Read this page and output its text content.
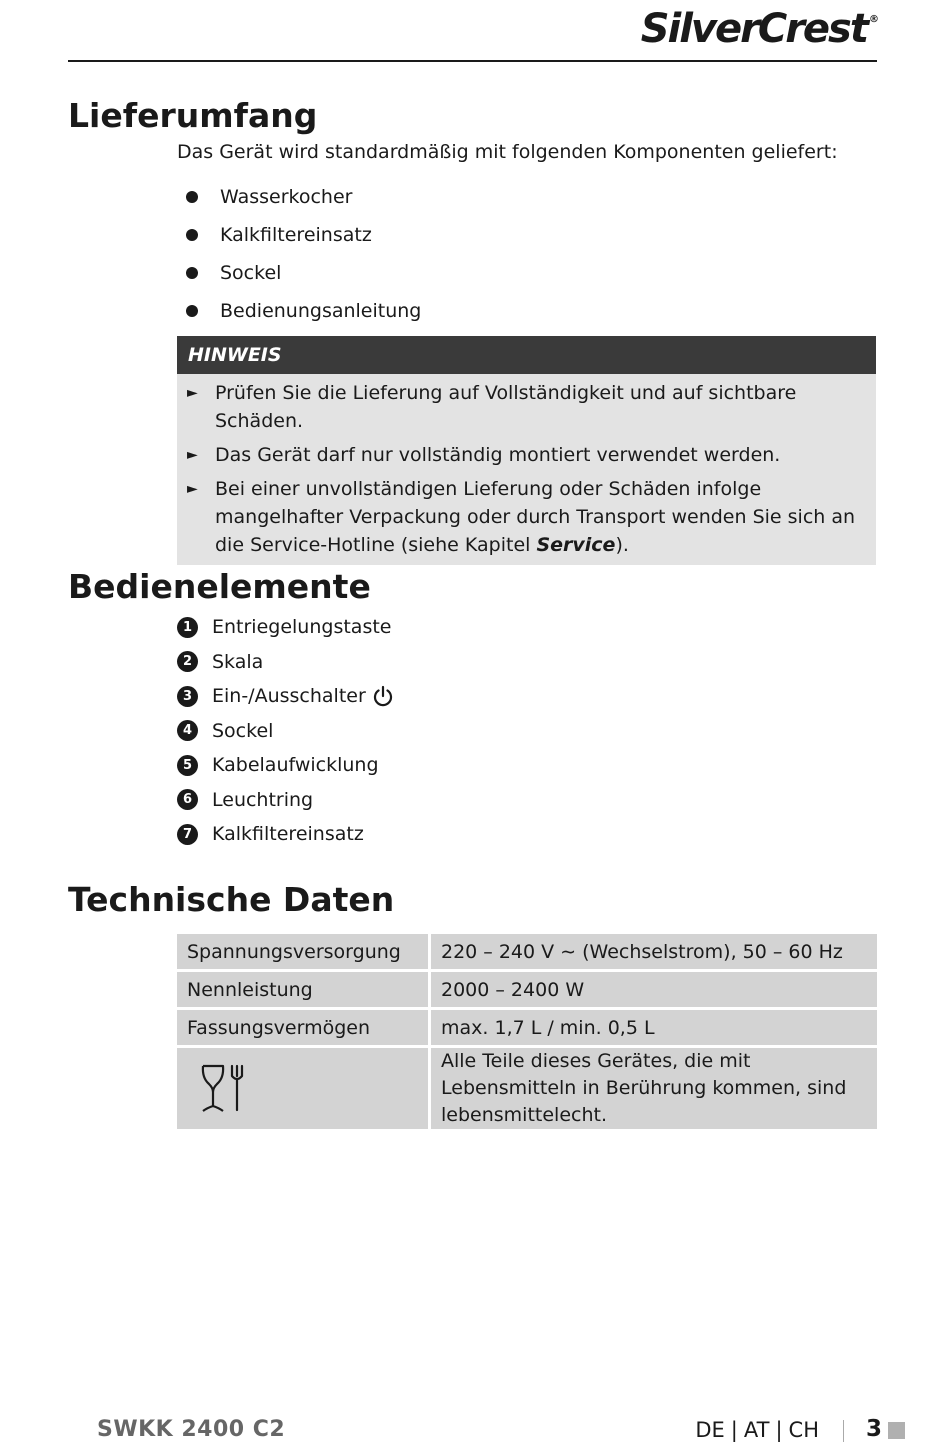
SilverCrest ®
Lieferumfang
Das Gerät wird standardmäßig mit folgenden Komponenten geliefert:
Wasserkocher
Kalkfiltereinsatz
Sockel
Bedienungsanleitung
HINWEIS
► Prüfen Sie die Lieferung auf Vollständigkeit und auf sichtbare Schäden.
► Das Gerät darf nur vollständig montiert verwendet werden.
► Bei einer unvollständigen Lieferung oder Schäden infolge mangelhafter Verpackung oder durch Transport wenden Sie sich an die Service-Hotline (siehe Kapitel Service).
Bedienelemente
1	Entriegelungstaste
2	Skala
3	Ein-/Ausschalter
4	Sockel
5	Kabelaufwicklung
6	Leuchtring
7	Kalkfiltereinsatz
Technische Daten
Spannungsversorgung	220 – 240 V ∼ (Wechselstrom), 50 – 60 Hz
Nennleistung	2000 – 2400 W
Fassungsvermögen	max. 1,7 L / min. 0,5 L
	Alle Teile dieses Gerätes, die mit Lebensmitteln in Berührung kommen, sind lebensmittelecht.
SWKK 2400 C2	DE | AT | CH 3
